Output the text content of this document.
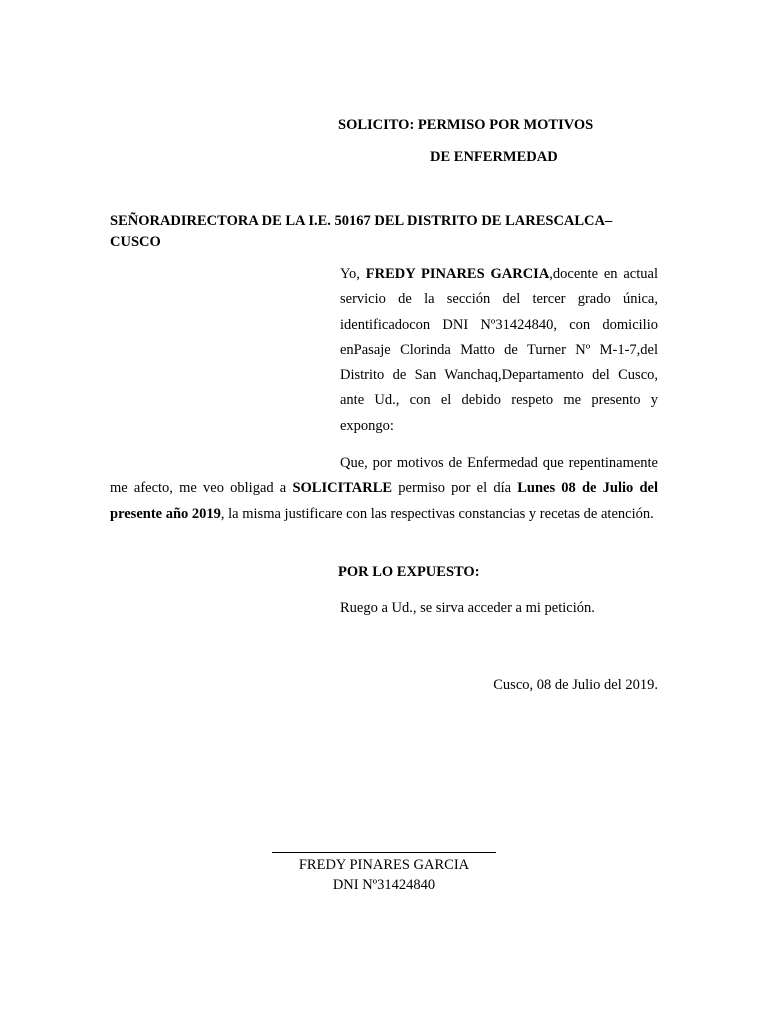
SOLICITO: PERMISO POR MOTIVOS

DE ENFERMEDAD

SEÑORADIRECTORA DE LA I.E. 50167 DEL DISTRITO DE LARESCALCA– CUSCO

Yo, FREDY PINARES GARCIA,docente en actual servicio de la sección del tercer grado única, identificadocon DNI Nº31424840, con domicilio enPasaje Clorinda Matto de Turner Nº M-1-7,del Distrito de San Wanchaq,Departamento del Cusco, ante Ud., con el debido respeto me presento y expongo:

Que, por motivos de Enfermedad que repentinamente me afecto, me veo obligad a SOLICITARLE permiso por el día Lunes 08 de Julio del presente año 2019, la misma justificare con las respectivas constancias y recetas de atención.

POR LO EXPUESTO:

Ruego a Ud., se sirva acceder a mi petición.

Cusco, 08 de Julio del 2019.

FREDY PINARES GARCIA

DNI Nº31424840
